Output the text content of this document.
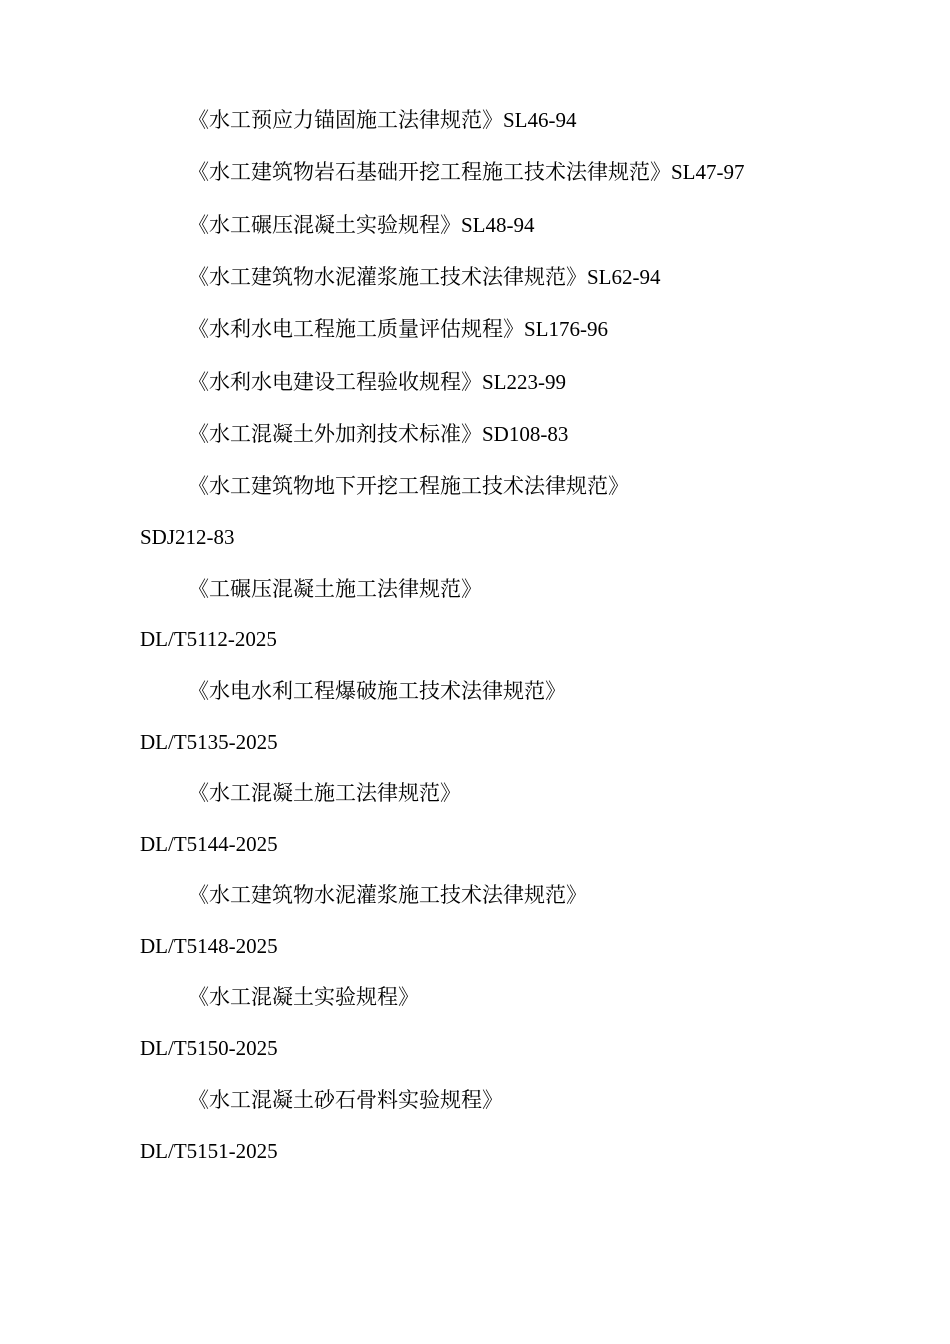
《水工预应力锚固施工法律规范》SL46-94
《水工建筑物岩石基础开挖工程施工技术法律规范》SL47-97
《水工碾压混凝土实验规程》SL48-94
《水工建筑物水泥灌浆施工技术法律规范》SL62-94
《水利水电工程施工质量评估规程》SL176-96
《水利水电建设工程验收规程》SL223-99
《水工混凝土外加剂技术标准》SD108-83
《水工建筑物地下开挖工程施工技术法律规范》
SDJ212-83
《工碾压混凝土施工法律规范》
DL/T5112-2025
《水电水利工程爆破施工技术法律规范》
DL/T5135-2025
《水工混凝土施工法律规范》
DL/T5144-2025
《水工建筑物水泥灌浆施工技术法律规范》
DL/T5148-2025
《水工混凝土实验规程》
DL/T5150-2025
《水工混凝土砂石骨料实验规程》
DL/T5151-2025
